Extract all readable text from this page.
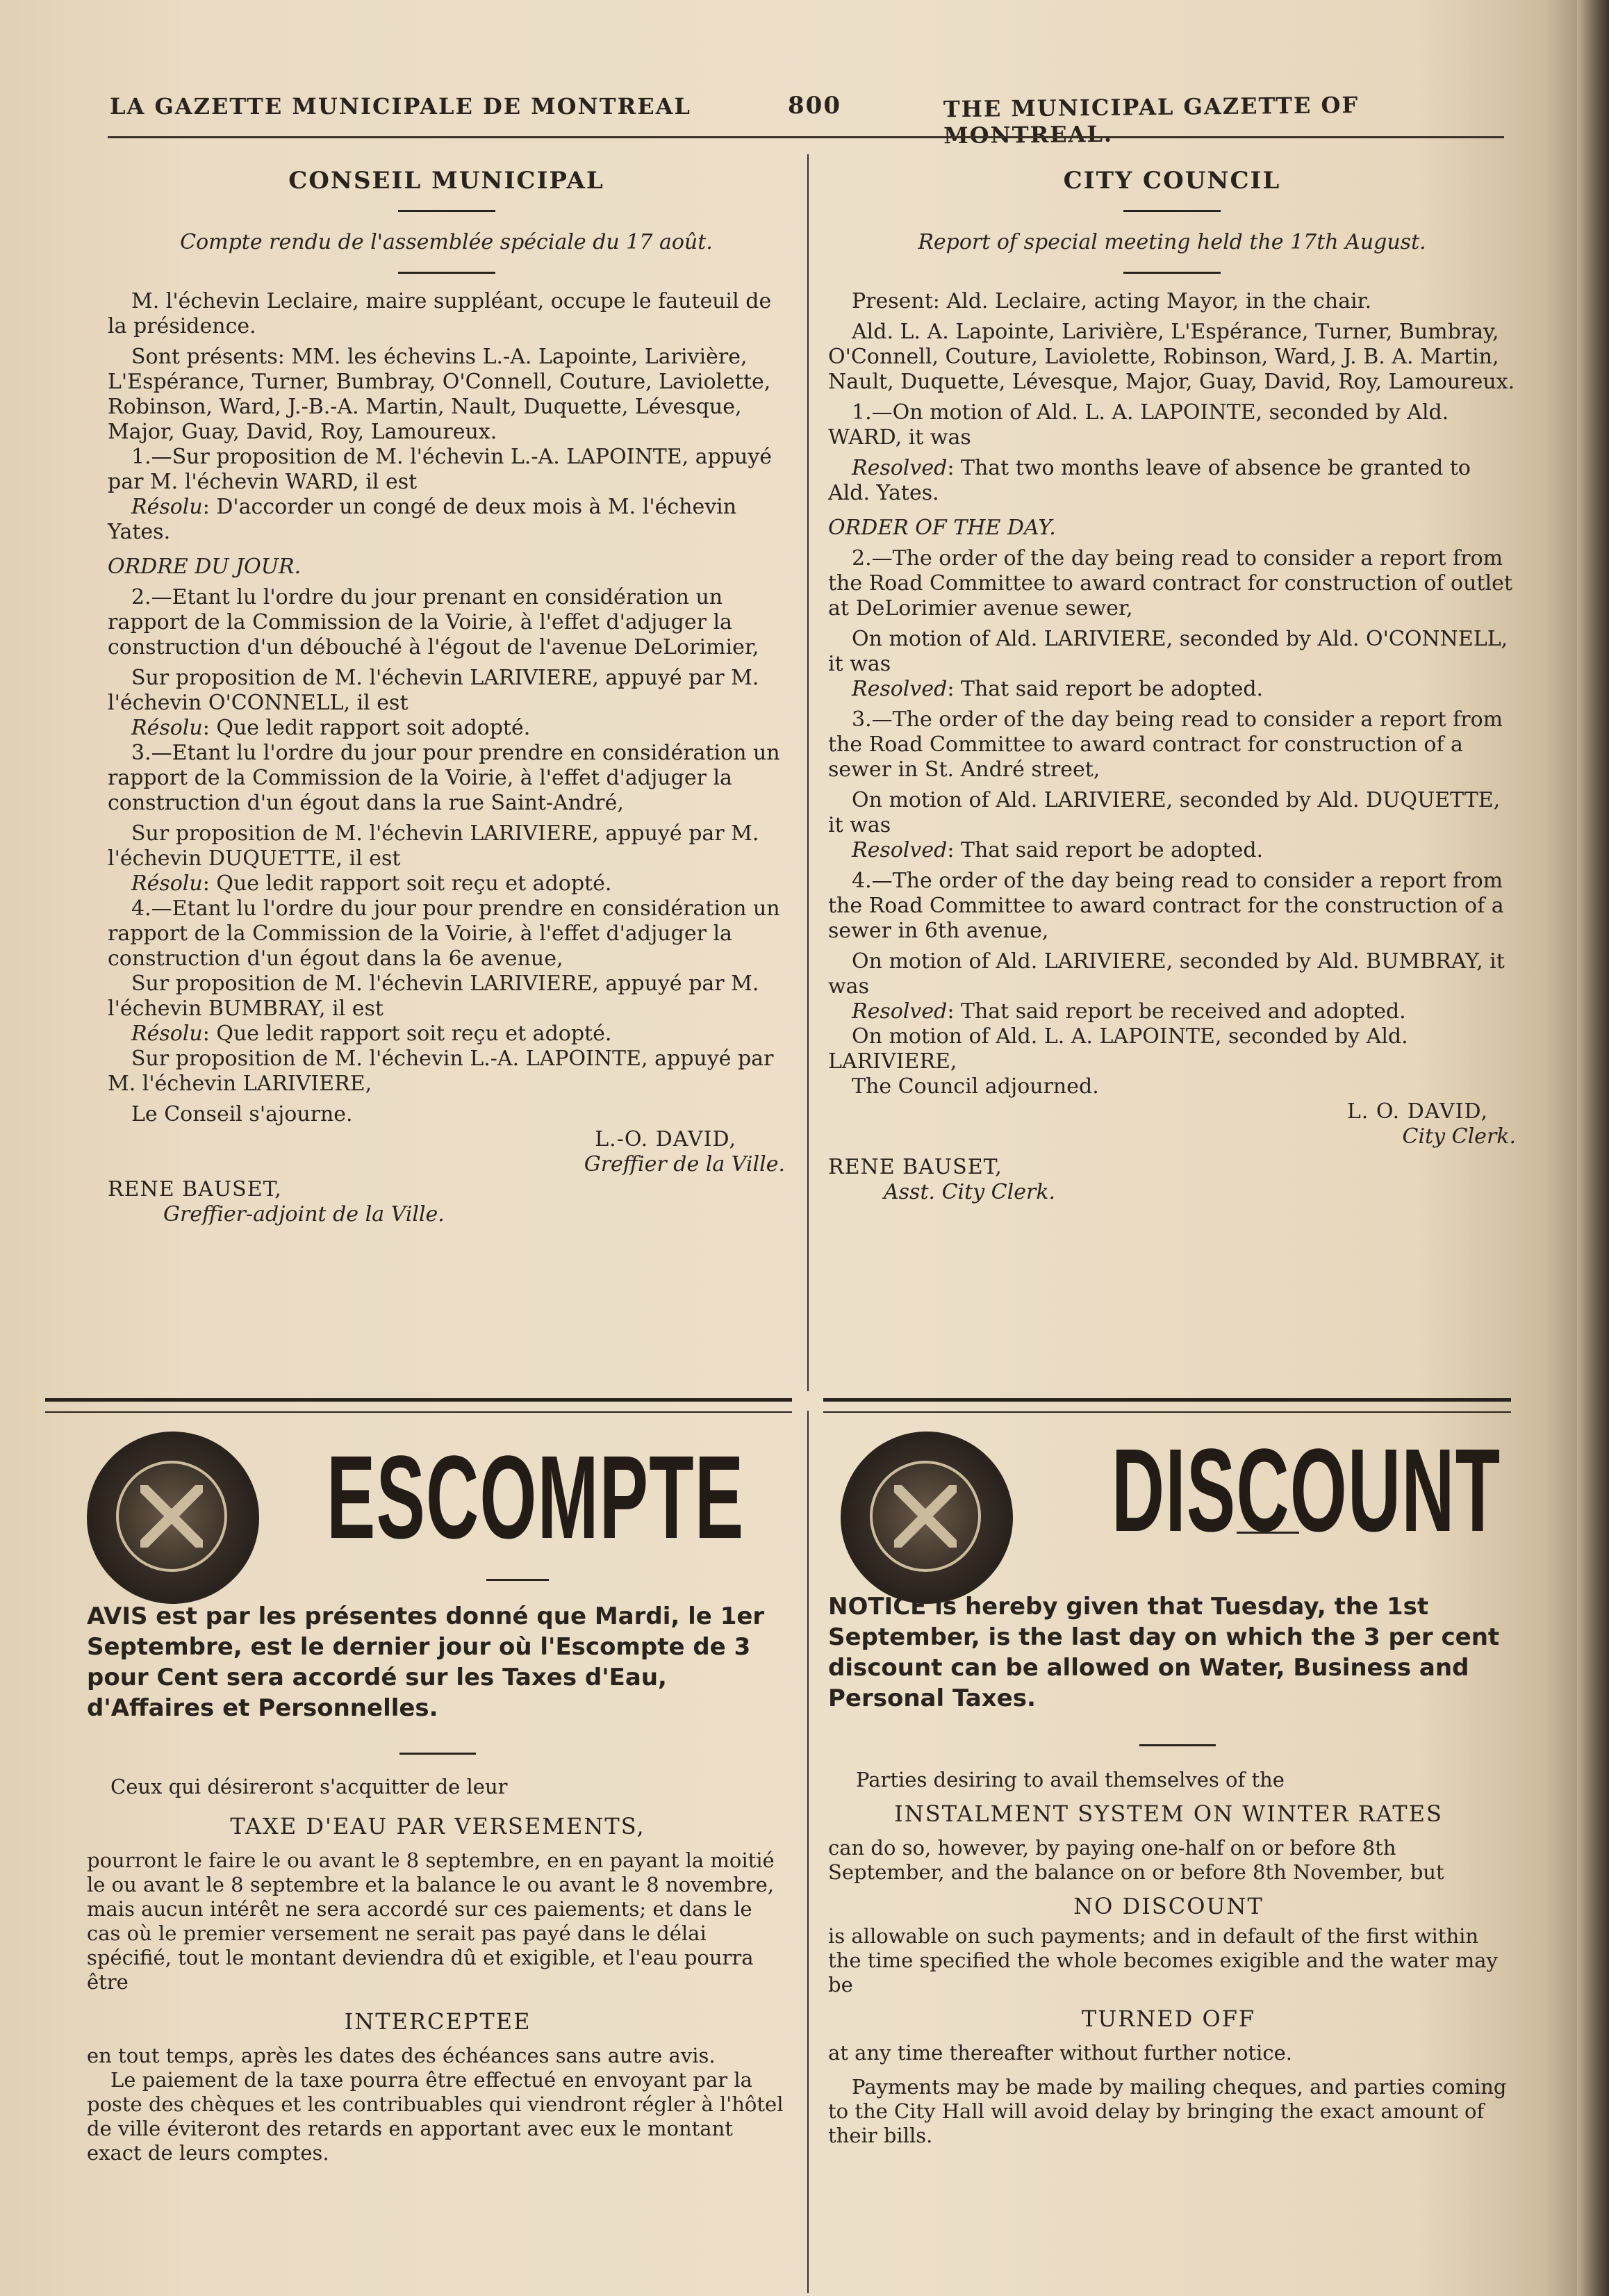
LA GAZETTE MUNICIPALE DE MONTREAL	800	THE MUNICIPAL GAZETTE OF MONTREAL.
CONSEIL MUNICIPAL
Compte rendu de l'assemblée spéciale du 17 août.

M. l'échevin Leclaire, maire suppléant, occupe le fauteuil de la présidence.

Sont présents: MM. les échevins L.-A. Lapointe, Larivière, L'Espérance, Turner, Bumbray, O'Connell, Couture, Laviolette, Robinson, Ward, J.-B.-A. Martin, Nault, Duquette, Lévesque, Major, Guay, David, Roy, Lamoureux.

1.—Sur proposition de M. l'échevin L.-A. LAPOINTE, appuyé par M. l'échevin WARD, il est

Résolu: D'accorder un congé de deux mois à M. l'échevin Yates.

ORDRE DU JOUR.

2.—Etant lu l'ordre du jour prenant en considération un rapport de la Commission de la Voirie, à l'effet d'adjuger la construction d'un débouché à l'égout de l'avenue DeLorimier,

Sur proposition de M. l'échevin LARIVIERE, appuyé par M. l'échevin O'CONNELL, il est

Résolu: Que ledit rapport soit adopté.

3.—Etant lu l'ordre du jour pour prendre en considération un rapport de la Commission de la Voirie, à l'effet d'adjuger la construction d'un égout dans la rue Saint-André,

Sur proposition de M. l'échevin LARIVIERE, appuyé par M. l'échevin DUQUETTE, il est

Résolu: Que ledit rapport soit reçu et adopté.

4.—Etant lu l'ordre du jour pour prendre en considération un rapport de la Commission de la Voirie, à l'effet d'adjuger la construction d'un égout dans la 6e avenue,

Sur proposition de M. l'échevin LARIVIERE, appuyé par M. l'échevin BUMBRAY, il est

Résolu: Que ledit rapport soit reçu et adopté.

Sur proposition de M. l'échevin L.-A. LAPOINTE, appuyé par M. l'échevin LARIVIERE,

Le Conseil s'ajourne.

L.-O. DAVID,

Greffier de la Ville.

RENE BAUSET,

Greffier-adjoint de la Ville.

CITY COUNCIL
Report of special meeting held the 17th August.

Present: Ald. Leclaire, acting Mayor, in the chair.

Ald. L. A. Lapointe, Larivière, L'Espérance, Turner, Bumbray, O'Connell, Couture, Laviolette, Robinson, Ward, J. B. A. Martin, Nault, Duquette, Lévesque, Major, Guay, David, Roy, Lamoureux.

1.—On motion of Ald. L. A. LAPOINTE, seconded by Ald. WARD, it was

Resolved: That two months leave of absence be granted to Ald. Yates.

ORDER OF THE DAY.

2.—The order of the day being read to consider a report from the Road Committee to award contract for construction of outlet at DeLorimier avenue sewer,

On motion of Ald. LARIVIERE, seconded by Ald. O'CONNELL, it was

Resolved: That said report be adopted.

3.—The order of the day being read to consider a report from the Road Committee to award contract for construction of a sewer in St. André street,

On motion of Ald. LARIVIERE, seconded by Ald. DUQUETTE, it was

Resolved: That said report be adopted.

4.—The order of the day being read to consider a report from the Road Committee to award contract for the construction of a sewer in 6th avenue,

On motion of Ald. LARIVIERE, seconded by Ald. BUMBRAY, it was

Resolved: That said report be received and adopted.

On motion of Ald. L. A. LAPOINTE, seconded by Ald. LARIVIERE,

The Council adjourned.

L. O. DAVID,

City Clerk.

RENE BAUSET,

Asst. City Clerk.

ESCOMPTE
AVIS est par les présentes donné que Mardi, le 1er Septembre, est le dernier jour où l'Escompte de 3 pour Cent sera accordé sur les Taxes d'Eau, d'Affaires et Personnelles.

Ceux qui désireront s'acquitter de leur

TAXE D'EAU PAR VERSEMENTS,

pourront le faire le ou avant le 8 septembre, en en payant la moitié le ou avant le 8 septembre et la balance le ou avant le 8 novembre, mais aucun intérêt ne sera accordé sur ces paiements; et dans le cas où le premier versement ne serait pas payé dans le délai spécifié, tout le montant deviendra dû et exigible, et l'eau pourra être

INTERCEPTEE

en tout temps, après les dates des échéances sans autre avis.

Le paiement de la taxe pourra être effectué en envoyant par la poste des chèques et les contribuables qui viendront régler à l'hôtel de ville éviteront des retards en apportant avec eux le montant exact de leurs comptes.

DISCOUNT
NOTICE is hereby given that Tuesday, the 1st September, is the last day on which the 3 per cent discount can be allowed on Water, Business and Personal Taxes.

Parties desiring to avail themselves of the

INSTALMENT SYSTEM ON WINTER RATES

can do so, however, by paying one-half on or before 8th September, and the balance on or before 8th November, but

NO DISCOUNT

is allowable on such payments; and in default of the first within the time specified the whole becomes exigible and the water may be

TURNED OFF

at any time thereafter without further notice.

Payments may be made by mailing cheques, and parties coming to the City Hall will avoid delay by bringing the exact amount of their bills.
